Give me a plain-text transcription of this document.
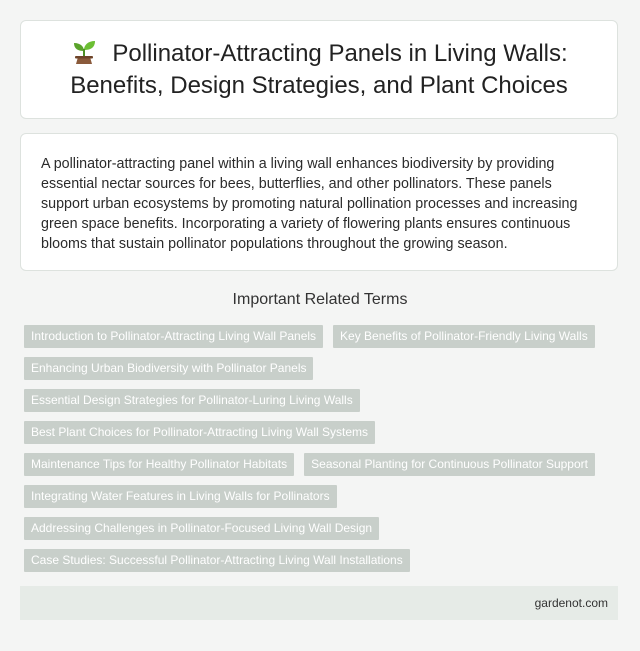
Pollinator-Attracting Panels in Living Walls: Benefits, Design Strategies, and Plant Choices

A pollinator-attracting panel within a living wall enhances biodiversity by providing essential nectar sources for bees, butterflies, and other pollinators. These panels support urban ecosystems by promoting natural pollination processes and increasing green space benefits. Incorporating a variety of flowering plants ensures continuous blooms that sustain pollinator populations throughout the growing season.

Important Related Terms
Introduction to Pollinator-Attracting Living Wall Panels	Key Benefits of Pollinator-Friendly Living Walls
Enhancing Urban Biodiversity with Pollinator Panels
Essential Design Strategies for Pollinator-Luring Living Walls
Best Plant Choices for Pollinator-Attracting Living Wall Systems
Maintenance Tips for Healthy Pollinator Habitats	Seasonal Planting for Continuous Pollinator Support
Integrating Water Features in Living Walls for Pollinators
Addressing Challenges in Pollinator-Focused Living Wall Design
Case Studies: Successful Pollinator-Attracting Living Wall Installations
gardenot.com
